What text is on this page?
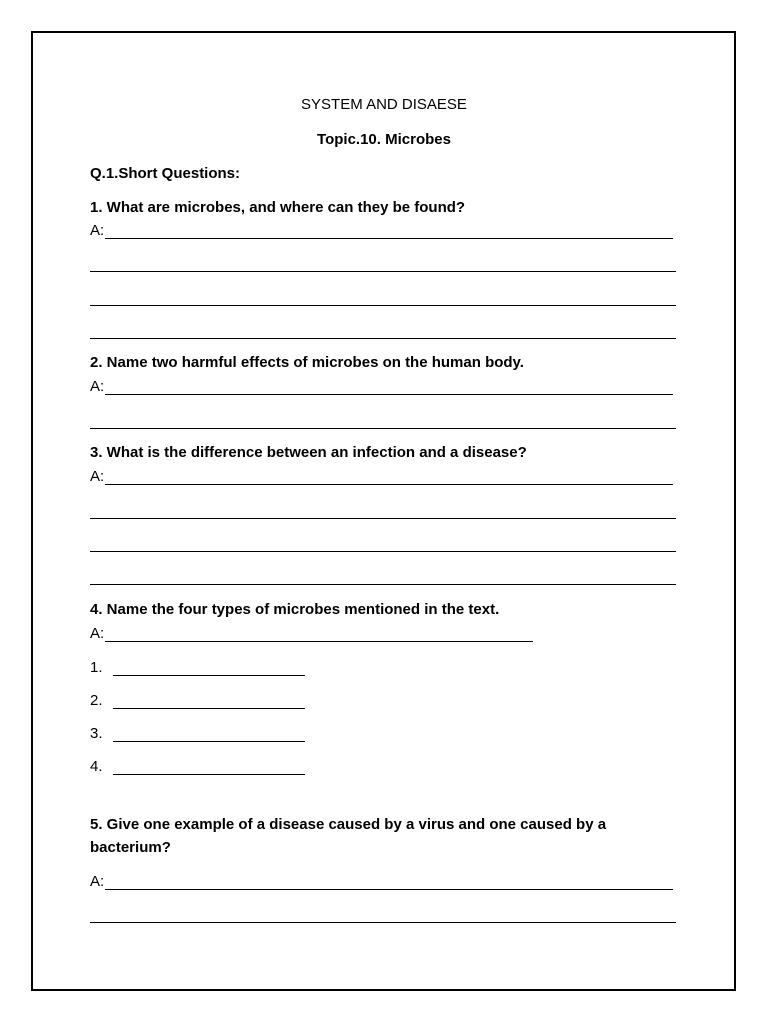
SYSTEM AND DISAESE
Topic.10. Microbes
Q.1.Short Questions:
1. What are microbes, and where can they be found?
A:
2. Name two harmful effects of microbes on the human body.
A:
3. What is the difference between an infection and a disease?
A:
4. Name the four types of microbes mentioned in the text.
A:
1.
2.
3.
4.
5. Give one example of a disease caused by a virus and one caused by a
bacterium?
A:
